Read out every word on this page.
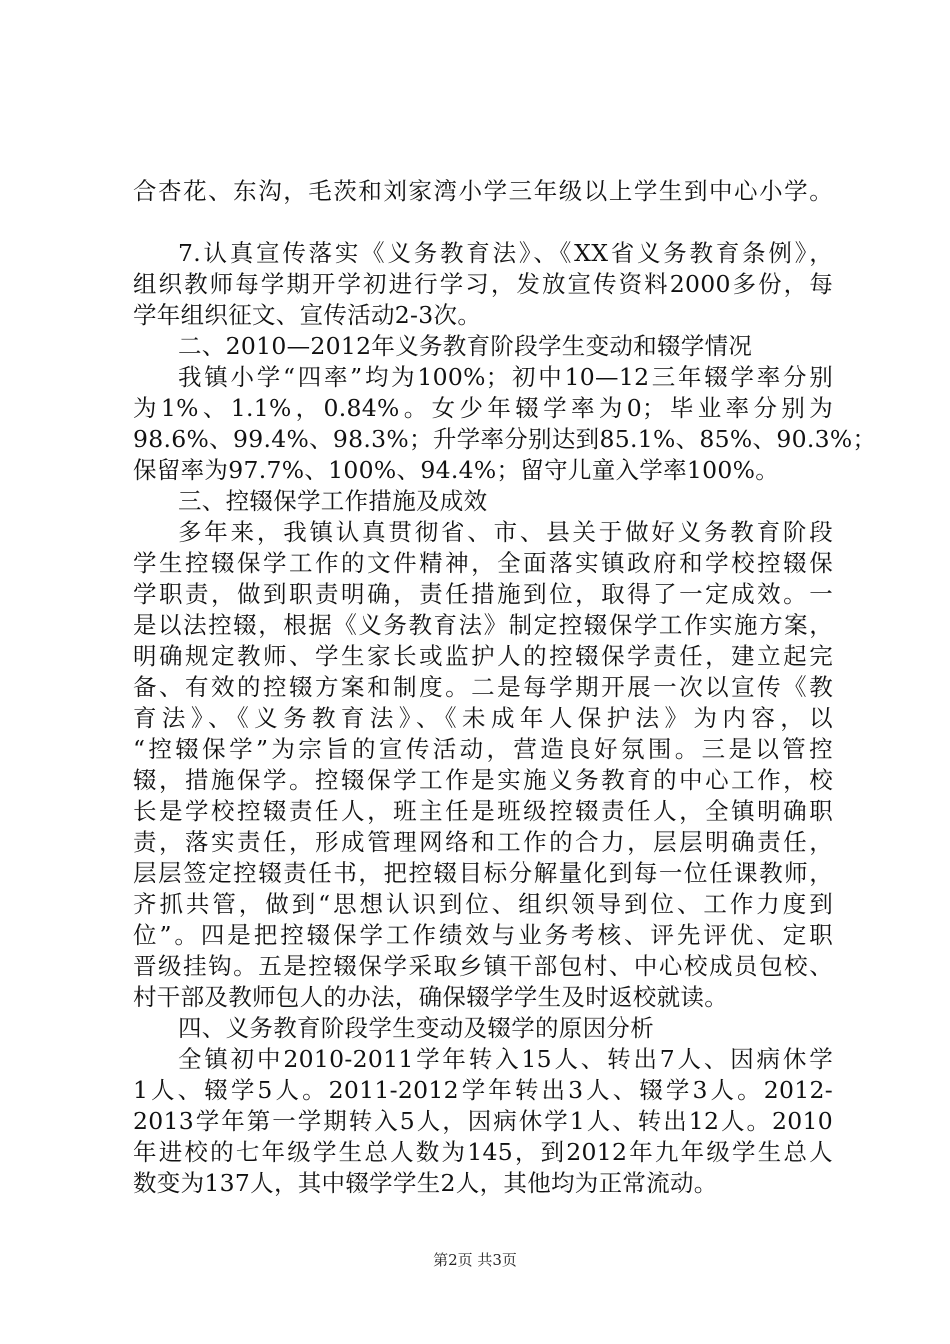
合杏花、东沟，毛茨和刘家湾小学三年级以上学生到中心小学。
7.认真宣传落实《义务教育法》、《XX省义务教育条例》，
组织教师每学期开学初进行学习，发放宣传资料2000多份，每
学年组织征文、宣传活动2-3次。
二、2010—2012年义务教育阶段学生变动和辍学情况
我镇小学“四率”均为100%；初中10—12三年辍学率分别
为1%、1.1%，0.84%。女少年辍学率为0；毕业率分别为
98.6%、99.4%、98.3%；升学率分别达到85.1%、85%、90.3%；
保留率为97.7%、100%、94.4%；留守儿童入学率100%。
三、控辍保学工作措施及成效
多年来，我镇认真贯彻省、市、县关于做好义务教育阶段
学生控辍保学工作的文件精神，全面落实镇政府和学校控辍保
学职责，做到职责明确，责任措施到位，取得了一定成效。一
是以法控辍，根据《义务教育法》制定控辍保学工作实施方案，
明确规定教师、学生家长或监护人的控辍保学责任，建立起完
备、有效的控辍方案和制度。二是每学期开展一次以宣传《教
育法》、《义务教育法》、《未成年人保护法》为内容，以
“控辍保学”为宗旨的宣传活动，营造良好氛围。三是以管控
辍，措施保学。控辍保学工作是实施义务教育的中心工作，校
长是学校控辍责任人，班主任是班级控辍责任人，全镇明确职
责，落实责任，形成管理网络和工作的合力，层层明确责任，
层层签定控辍责任书，把控辍目标分解量化到每一位任课教师，
齐抓共管，做到“思想认识到位、组织领导到位、工作力度到
位”。四是把控辍保学工作绩效与业务考核、评先评优、定职
晋级挂钩。五是控辍保学采取乡镇干部包村、中心校成员包校、
村干部及教师包人的办法，确保辍学学生及时返校就读。
四、义务教育阶段学生变动及辍学的原因分析
全镇初中2010-2011学年转入15人、转出7人、因病休学
1人、辍学5人。2011-2012学年转出3人、辍学3人。2012-
2013学年第一学期转入5人，因病休学1人、转出12人。2010
年进校的七年级学生总人数为145，到2012年九年级学生总人
数变为137人，其中辍学学生2人，其他均为正常流动。
第2页 共3页
